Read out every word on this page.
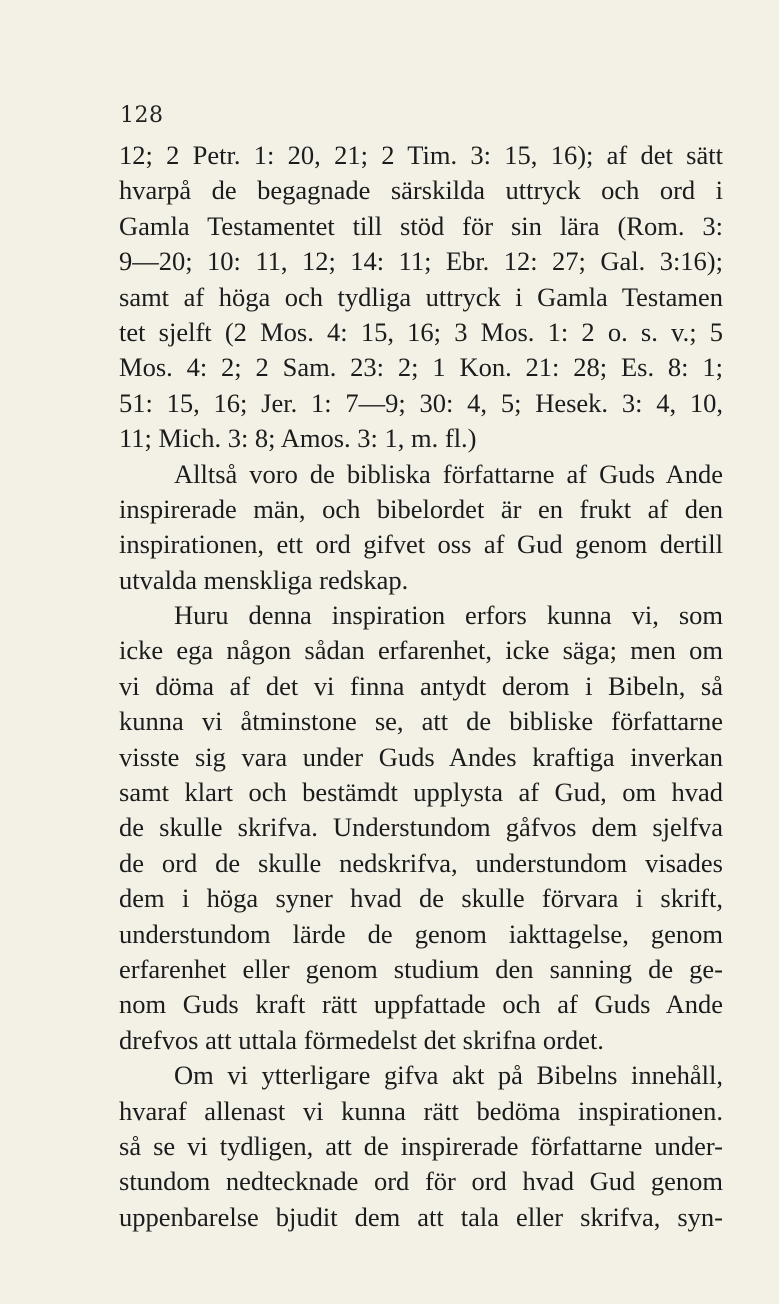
128
12; 2 Petr. 1: 20, 21; 2 Tim. 3: 15, 16); af det sätt
hvarpå de begagnade särskilda uttryck och ord i
Gamla Testamentet till stöd för sin lära (Rom. 3:
9—20; 10: 11, 12; 14: 11; Ebr. 12: 27; Gal. 3:16);
samt af höga och tydliga uttryck i Gamla Testamen
tet sjelft (2 Mos. 4: 15, 16; 3 Mos. 1: 2 o. s. v.; 5
Mos. 4: 2; 2 Sam. 23: 2; 1 Kon. 21: 28; Es. 8: 1;
51: 15, 16; Jer. 1: 7—9; 30: 4, 5; Hesek. 3: 4, 10,
11; Mich. 3: 8; Amos. 3: 1, m. fl.)
Alltså voro de bibliska författarne af Guds Ande
inspirerade män, och bibelordet är en frukt af den
inspirationen, ett ord gifvet oss af Gud genom dertill
utvalda menskliga redskap.
Huru denna inspiration erfors kunna vi, som
icke ega någon sådan erfarenhet, icke säga; men om
vi döma af det vi finna antydt derom i Bibeln, så
kunna vi åtminstone se, att de bibliske författarne
visste sig vara under Guds Andes kraftiga inverkan
samt klart och bestämdt upplysta af Gud, om hvad
de skulle skrifva. Understundom gåfvos dem sjelfva
de ord de skulle nedskrifva, understundom visades
dem i höga syner hvad de skulle förvara i skrift,
understundom lärde de genom iakttagelse, genom
erfarenhet eller genom studium den sanning de ge-
nom Guds kraft rätt uppfattade och af Guds Ande
drefvos att uttala förmedelst det skrifna ordet.
Om vi ytterligare gifva akt på Bibelns innehåll,
hvaraf allenast vi kunna rätt bedöma inspirationen.
så se vi tydligen, att de inspirerade författarne under-
stundom nedtecknade ord för ord hvad Gud genom
uppenbarelse bjudit dem att tala eller skrifva, syn-
